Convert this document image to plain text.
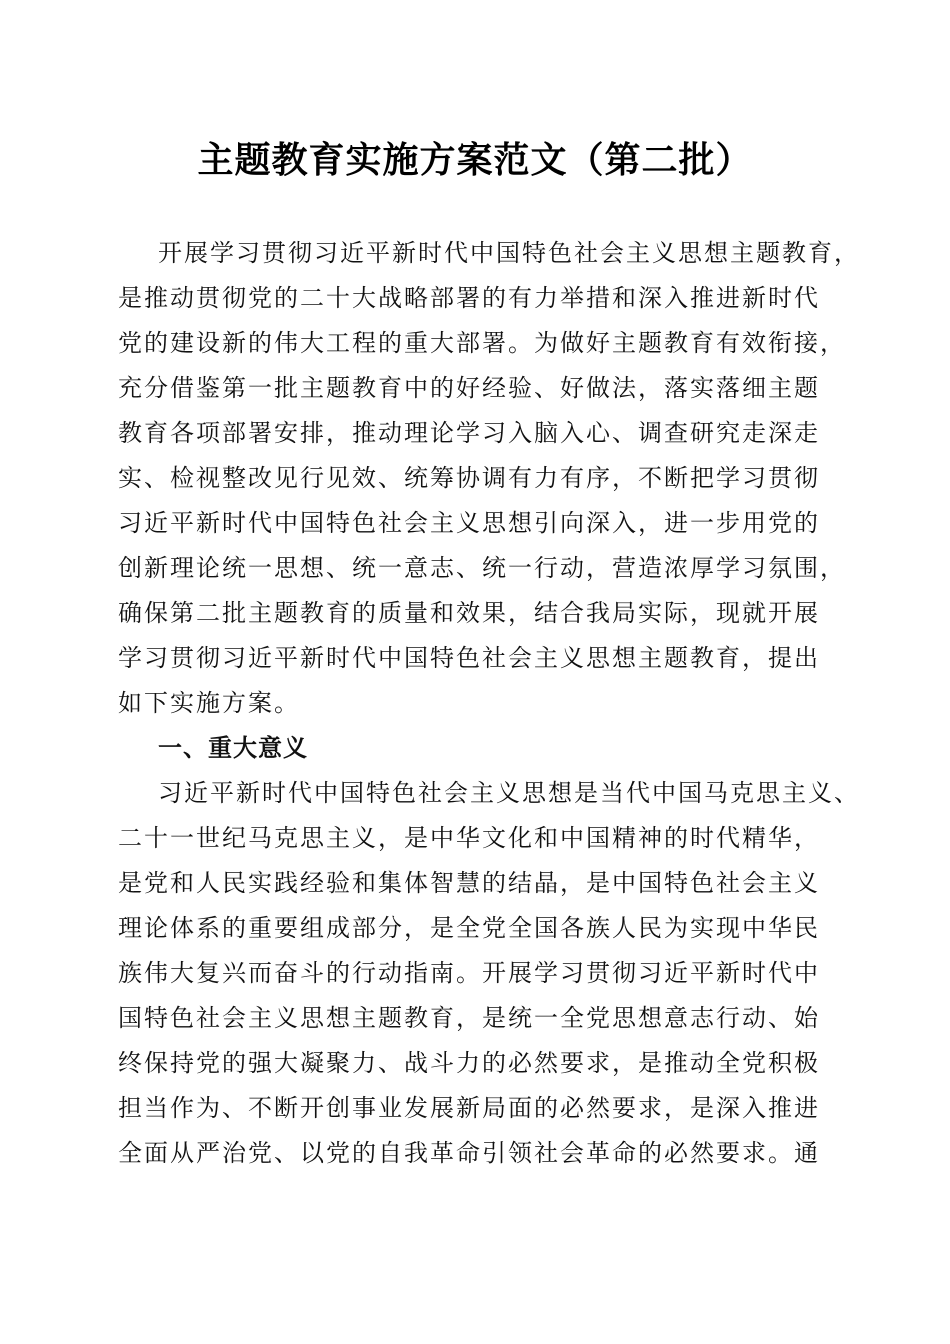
主题教育实施方案范文（第二批）
开展学习贯彻习近平新时代中国特色社会主义思想主题教育，
是推动贯彻党的二十大战略部署的有力举措和深入推进新时代
党的建设新的伟大工程的重大部署。为做好主题教育有效衔接，
充分借鉴第一批主题教育中的好经验、好做法，落实落细主题
教育各项部署安排，推动理论学习入脑入心、调查研究走深走
实、检视整改见行见效、统筹协调有力有序，不断把学习贯彻
习近平新时代中国特色社会主义思想引向深入，进一步用党的
创新理论统一思想、统一意志、统一行动，营造浓厚学习氛围，
确保第二批主题教育的质量和效果，结合我局实际，现就开展
学习贯彻习近平新时代中国特色社会主义思想主题教育，提出
如下实施方案。
一、重大意义
习近平新时代中国特色社会主义思想是当代中国马克思主义、
二十一世纪马克思主义，是中华文化和中国精神的时代精华，
是党和人民实践经验和集体智慧的结晶，是中国特色社会主义
理论体系的重要组成部分，是全党全国各族人民为实现中华民
族伟大复兴而奋斗的行动指南。开展学习贯彻习近平新时代中
国特色社会主义思想主题教育，是统一全党思想意志行动、始
终保持党的强大凝聚力、战斗力的必然要求，是推动全党积极
担当作为、不断开创事业发展新局面的必然要求，是深入推进
全面从严治党、以党的自我革命引领社会革命的必然要求。通
